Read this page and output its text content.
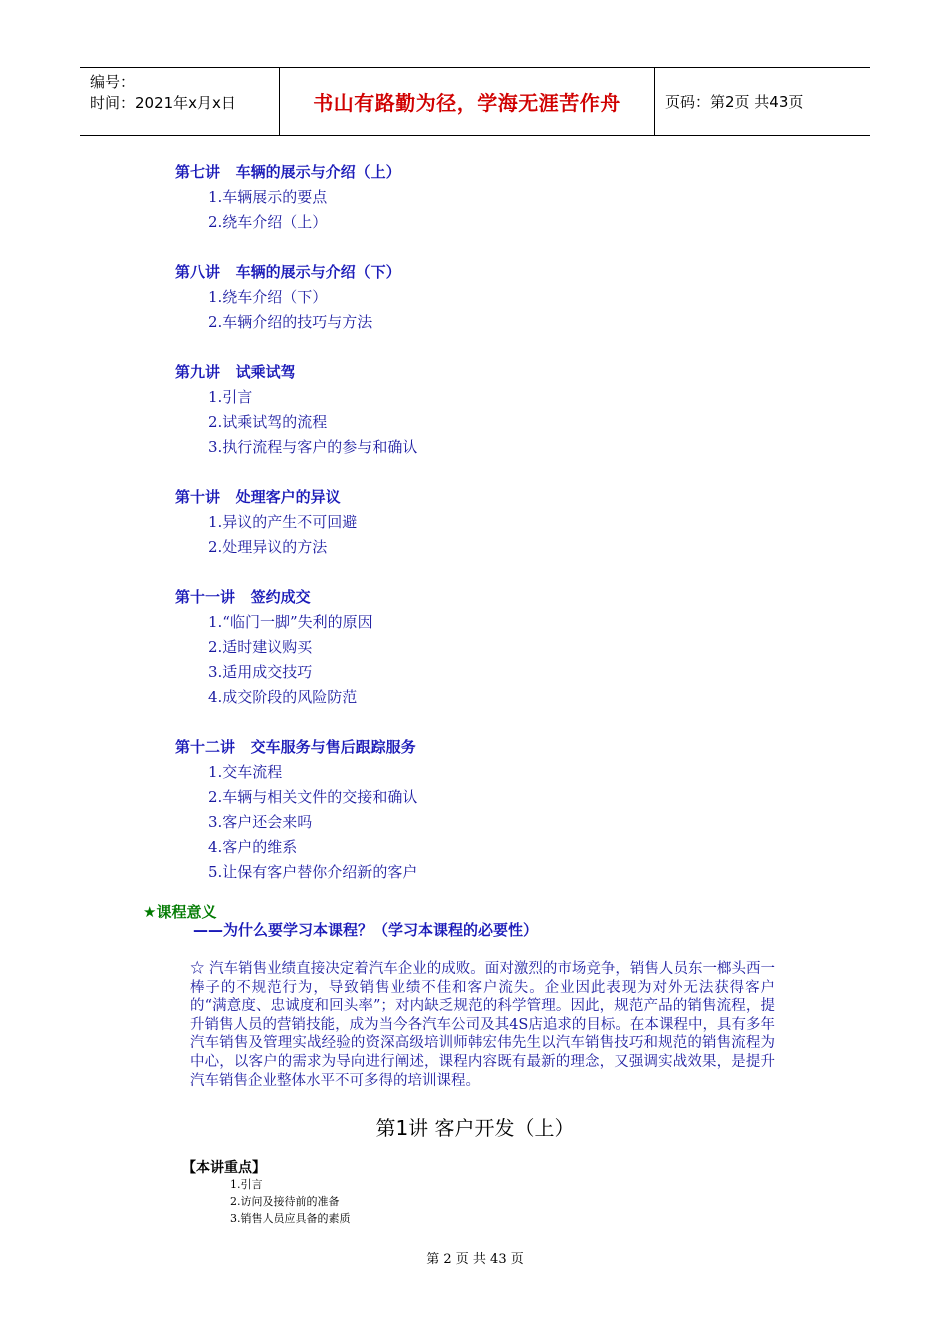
编号：
时间：2021年x月x日	书山有路勤为径，学海无涯苦作舟	页码：第2页 共43页
第七讲   车辆的展示与介绍（上）
1.车辆展示的要点
2.绕车介绍（上）
第八讲   车辆的展示与介绍（下）
1.绕车介绍（下）
2.车辆介绍的技巧与方法
第九讲   试乘试驾
1.引言
2.试乘试驾的流程
3.执行流程与客户的参与和确认
第十讲   处理客户的异议
1.异议的产生不可回避
2.处理异议的方法
第十一讲   签约成交
1.“临门一脚”失利的原因
2.适时建议购买
3.适用成交技巧
4.成交阶段的风险防范
第十二讲   交车服务与售后跟踪服务
1.交车流程
2.车辆与相关文件的交接和确认
3.客户还会来吗
4.客户的维系
5.让保有客户替你介绍新的客户
★课程意义
——为什么要学习本课程？（学习本课程的必要性）
☆ 汽车销售业绩直接决定着汽车企业的成败。面对激烈的市场竞争，销售人员东一榔头西一棒子的不规范行为，导致销售业绩不佳和客户流失。企业因此表现为对外无法获得客户的“满意度、忠诚度和回头率”；对内缺乏规范的科学管理。因此，规范产品的销售流程，提升销售人员的营销技能，成为当今各汽车公司及其4S店追求的目标。在本课程中，具有多年汽车销售及管理实战经验的资深高级培训师韩宏伟先生以汽车销售技巧和规范的销售流程为中心，以客户的需求为导向进行阐述，课程内容既有最新的理念，又强调实战效果，是提升汽车销售企业整体水平不可多得的培训课程。
第1讲 客户开发（上）
【本讲重点】
1.引言
2.访问及接待前的准备
3.销售人员应具备的素质
第 2 页 共 43 页
